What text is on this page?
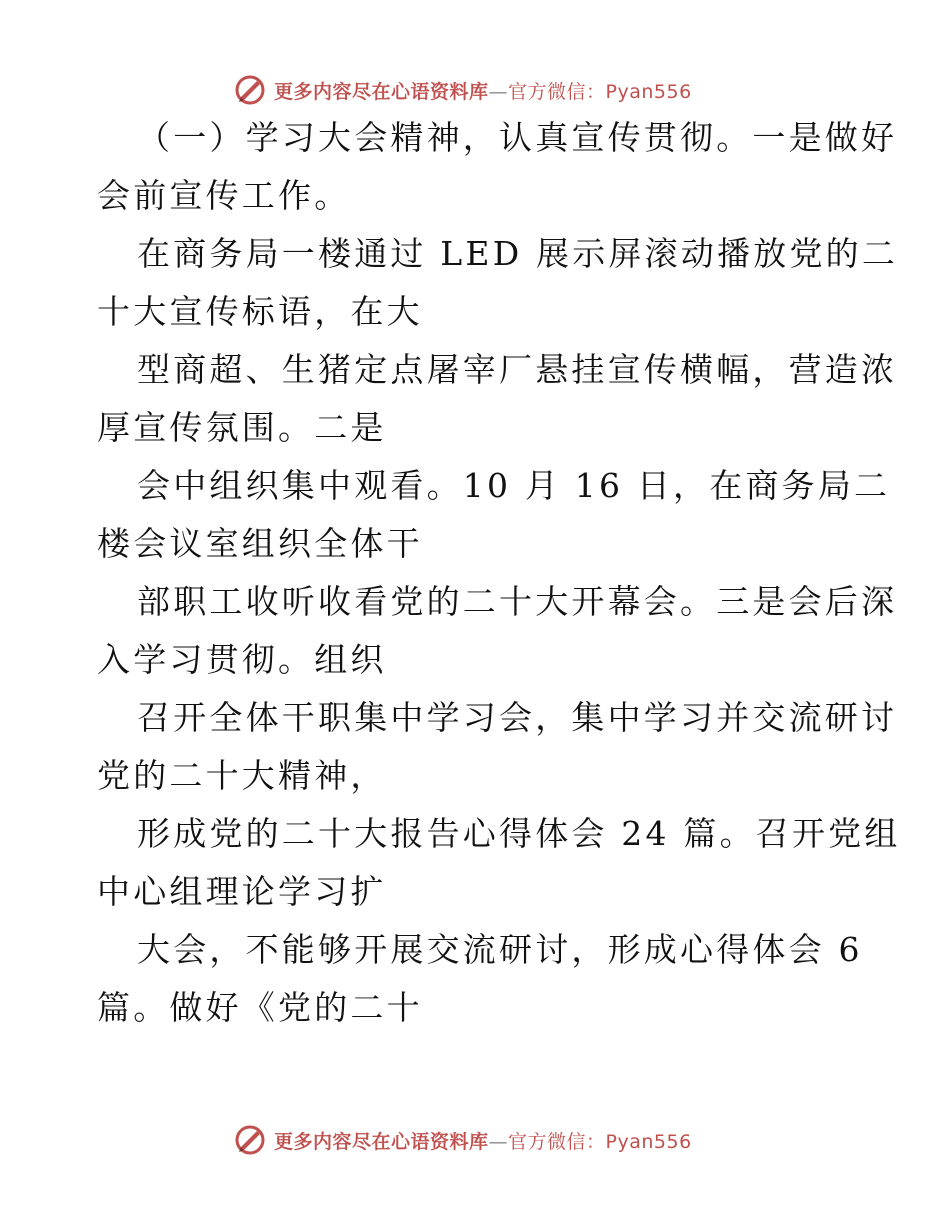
更多内容尽在心语资料库—官方微信：Pyan556
（一）学习大会精神，认真宣传贯彻。一是做好
会前宣传工作。
在商务局一楼通过 LED 展示屏滚动播放党的二
十大宣传标语，在大
型商超、生猪定点屠宰厂悬挂宣传横幅，营造浓
厚宣传氛围。二是
会中组织集中观看。10 月 16 日，在商务局二
楼会议室组织全体干
部职工收听收看党的二十大开幕会。三是会后深
入学习贯彻。组织
召开全体干职集中学习会，集中学习并交流研讨
党的二十大精神，
形成党的二十大报告心得体会 24 篇。召开党组
中心组理论学习扩
大会，不能够开展交流研讨，形成心得体会 6
篇。做好《党的二十
更多内容尽在心语资料库—官方微信：Pyan556
